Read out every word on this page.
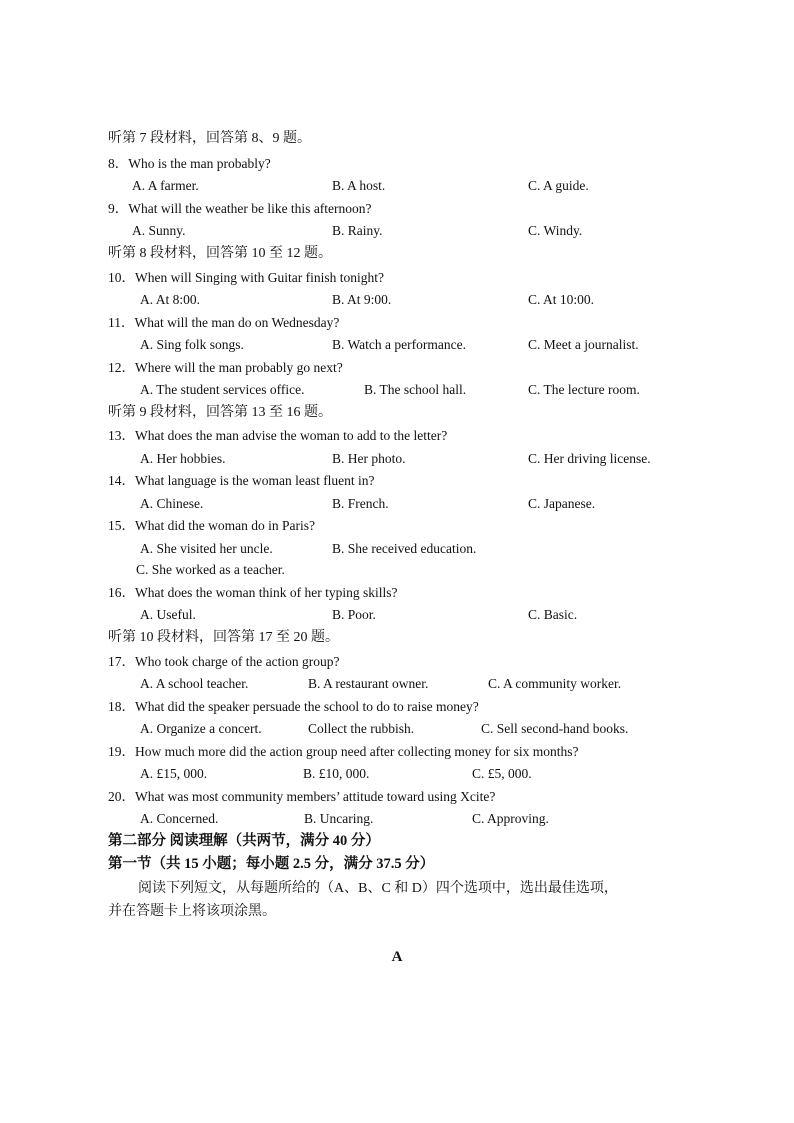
听第 7 段材料，回答第 8、9 题。
8．Who is the man probably?
A. A farmer.	B. A host.	C. A guide.
9．What will the weather be like this afternoon?
A. Sunny.	B. Rainy.	C. Windy.
听第 8 段材料，回答第 10 至 12 题。
10．When will Singing with Guitar finish tonight?
A. At 8:00.	B. At 9:00.	C. At 10:00.
11．What will the man do on Wednesday?
A. Sing folk songs.	B. Watch a performance.	C. Meet a journalist.
12．Where will the man probably go next?
A. The student services office.	B. The school hall.	C. The lecture room.
听第 9 段材料，回答第 13 至 16 题。
13．What does the man advise the woman to add to the letter?
A. Her hobbies.	B. Her photo.	C. Her driving license.
14．What language is the woman least fluent in?
A. Chinese.	B. French.	C. Japanese.
15．What did the woman do in Paris?
A. She visited her uncle.	B. She received education.
C. She worked as a teacher.
16．What does the woman think of her typing skills?
A. Useful.	B. Poor.	C. Basic.
听第 10 段材料，回答第 17 至 20 题。
17．Who took charge of the action group?
A. A school teacher.	B. A restaurant owner.	C. A community worker.
18．What did the speaker persuade the school to do to raise money?
A. Organize a concert.	Collect the rubbish.	C. Sell second-hand books.
19．How much more did the action group need after collecting money for six months?
A. £15, 000.	B. £10, 000.	C. £5, 000.
20．What was most community members’ attitude toward using Xcite?
A. Concerned.	B. Uncaring.	C. Approving.
第二部分 阅读理解（共两节，满分 40 分）
第一节（共 15 小题；每小题 2.5 分，满分 37.5 分）
阅读下列短文，从每题所给的（A、B、C 和 D）四个选项中，选出最佳选项，
并在答题卡上将该项涂黑。
A
